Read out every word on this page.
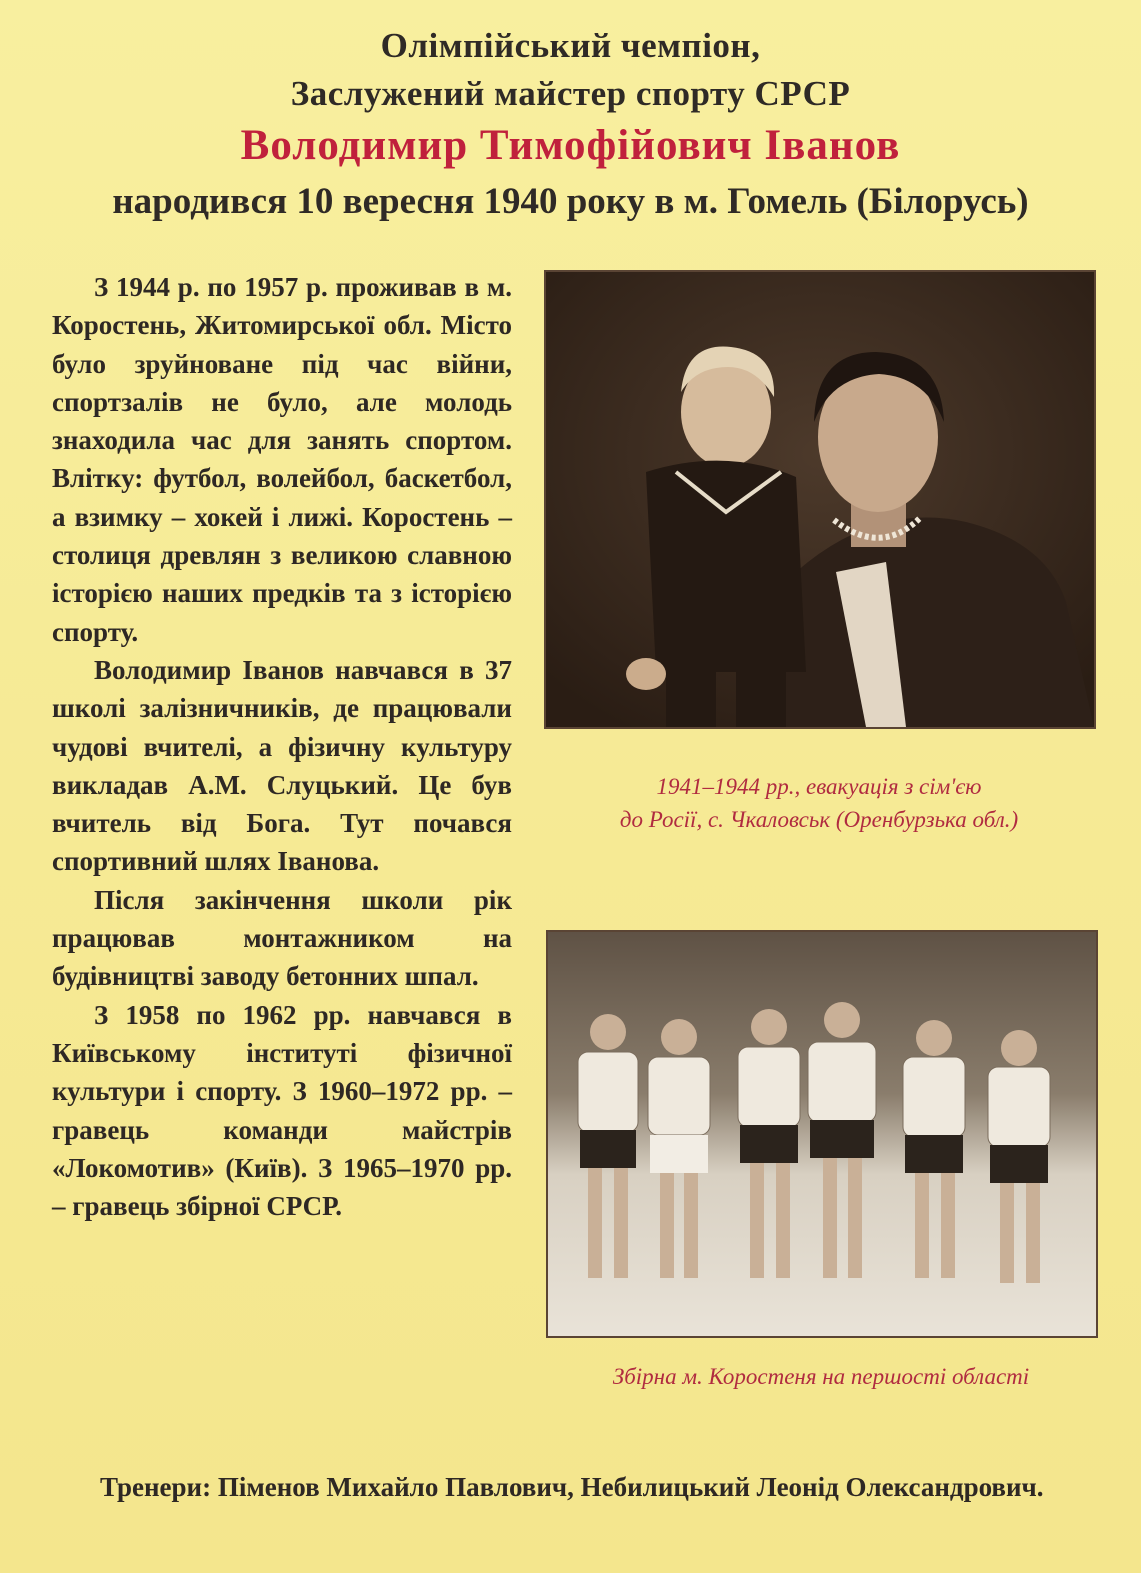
Олімпійський чемпіон,
Заслужений майстер спорту СРСР
Володимир Тимофійович Іванов
народився 10 вересня 1940 року в м. Гомель (Білорусь)

З 1944 р. по 1957 р. проживав в м. Коростень, Житомирської обл. Місто було зруйноване під час війни, спортзалів не було, але молодь знаходила час для занять спортом. Влітку: футбол, волейбол, баскетбол, а взимку – хокей і лижі. Коростень – столиця древлян з великою славною історією наших предків та з історією спорту.

Володимир Іванов навчався в 37 школі залізничників, де працювали чудові вчителі, а фізичну культуру викладав А.М. Слуцький. Це був вчитель від Бога. Тут почався спортивний шлях Іванова.

Після закінчення школи рік працював монтажником на будівництві заводу бетонних шпал.

З 1958 по 1962 рр. навчався в Київському інституті фізичної культури і спорту. З 1960–1972 рр. – гравець команди майстрів «Локомотив» (Київ). З 1965–1970 рр. – гравець збірної СРСР.

Тренери: Піменов Михайло Павлович, Небилицький Леонід Олександрович.
1941–1944 рр., евакуація з сім'єю
до Росії, с. Чкаловськ (Оренбурзька обл.)
Збірна м. Коростеня на першості області
